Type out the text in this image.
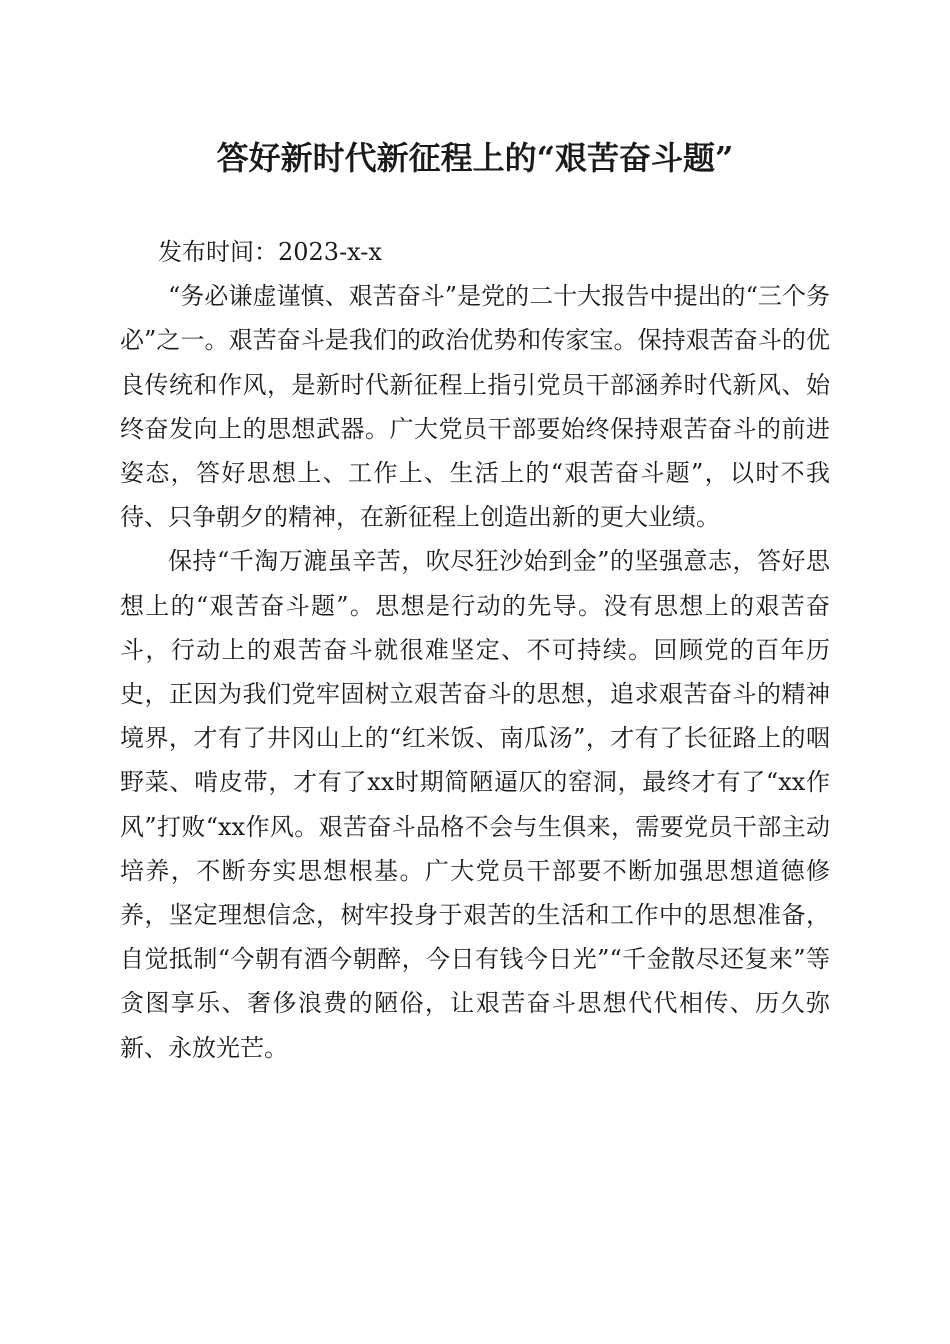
答好新时代新征程上的“艰苦奋斗题”

发布时间：2023-x-x

“务必谦虚谨慎、艰苦奋斗”是党的二十大报告中提出的“三个务必”之一。艰苦奋斗是我们的政治优势和传家宝。保持艰苦奋斗的优良传统和作风，是新时代新征程上指引党员干部涵养时代新风、始终奋发向上的思想武器。广大党员干部要始终保持艰苦奋斗的前进姿态，答好思想上、工作上、生活上的“艰苦奋斗题”，以时不我待、只争朝夕的精神，在新征程上创造出新的更大业绩。

保持“千淘万漉虽辛苦，吹尽狂沙始到金”的坚强意志，答好思想上的“艰苦奋斗题”。思想是行动的先导。没有思想上的艰苦奋斗，行动上的艰苦奋斗就很难坚定、不可持续。回顾党的百年历史，正因为我们党牢固树立艰苦奋斗的思想，追求艰苦奋斗的精神境界，才有了井冈山上的“红米饭、南瓜汤”，才有了长征路上的咽野菜、啃皮带，才有了xx时期简陋逼仄的窑洞，最终才有了“xx作风”打败“xx作风。艰苦奋斗品格不会与生俱来，需要党员干部主动培养，不断夯实思想根基。广大党员干部要不断加强思想道德修养，坚定理想信念，树牢投身于艰苦的生活和工作中的思想准备，自觉抵制“今朝有酒今朝醉，今日有钱今日光”“千金散尽还复来”等贪图享乐、奢侈浪费的陋俗，让艰苦奋斗思想代代相传、历久弥新、永放光芒。
